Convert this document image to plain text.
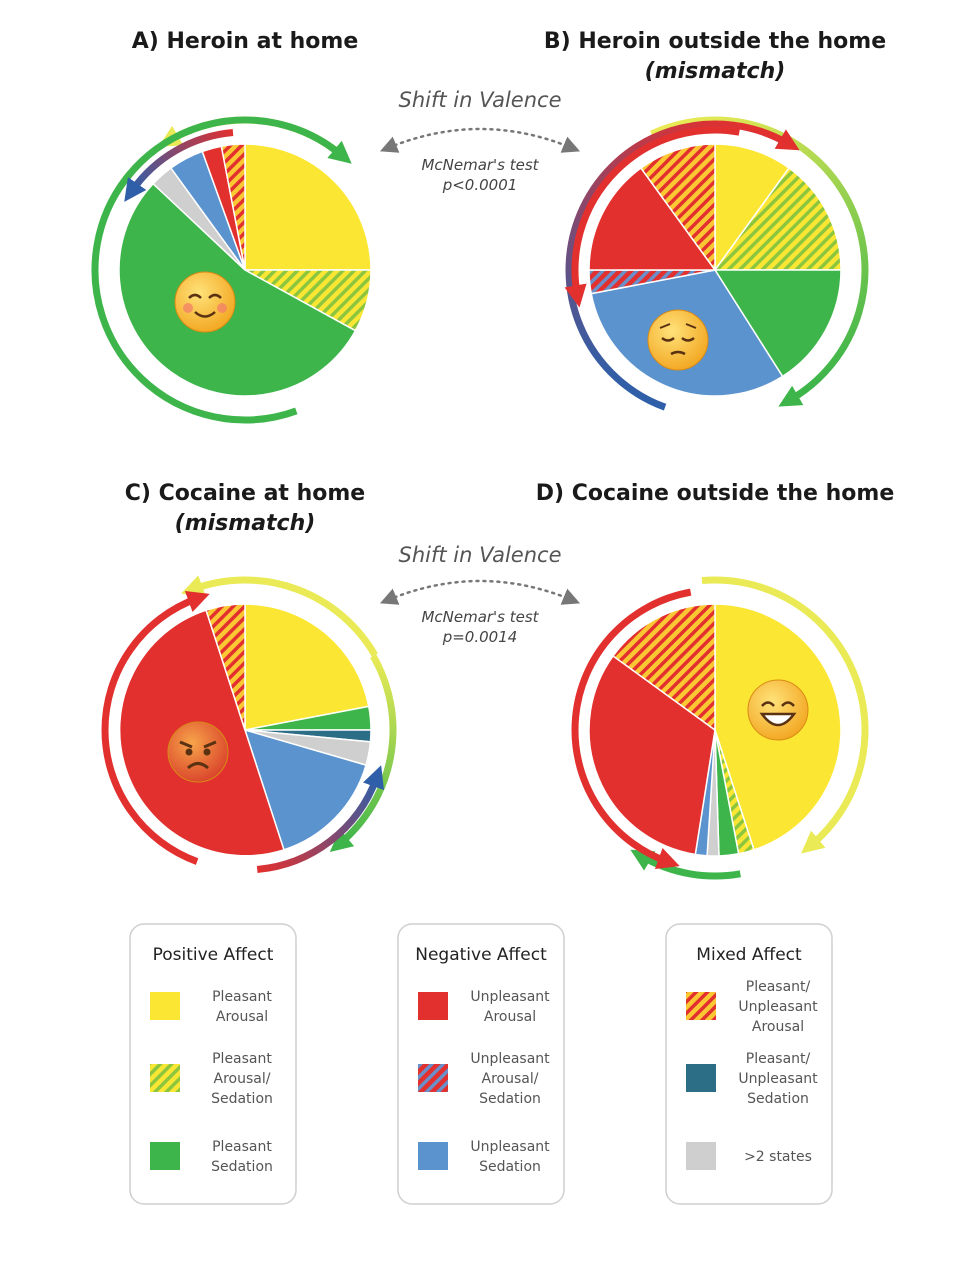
A) Heroin at home	B) Heroin outside the home
(mismatch)
C) Cocaine at home
(mismatch)
D) Cocaine outside the home
Shift in Valence
McNemar's test
p<0.0001
Shift in Valence
McNemar's test
p=0.0014
Positive Affect
Pleasant Arousal
Pleasant Arousal/ Sedation
Pleasant Sedation
Negative Affect
Unpleasant Arousal
Unpleasant Arousal/ Sedation
Unpleasant Sedation
Mixed Affect
Pleasant/ Unpleasant Arousal
Pleasant/ Unpleasant Sedation
>2 states
